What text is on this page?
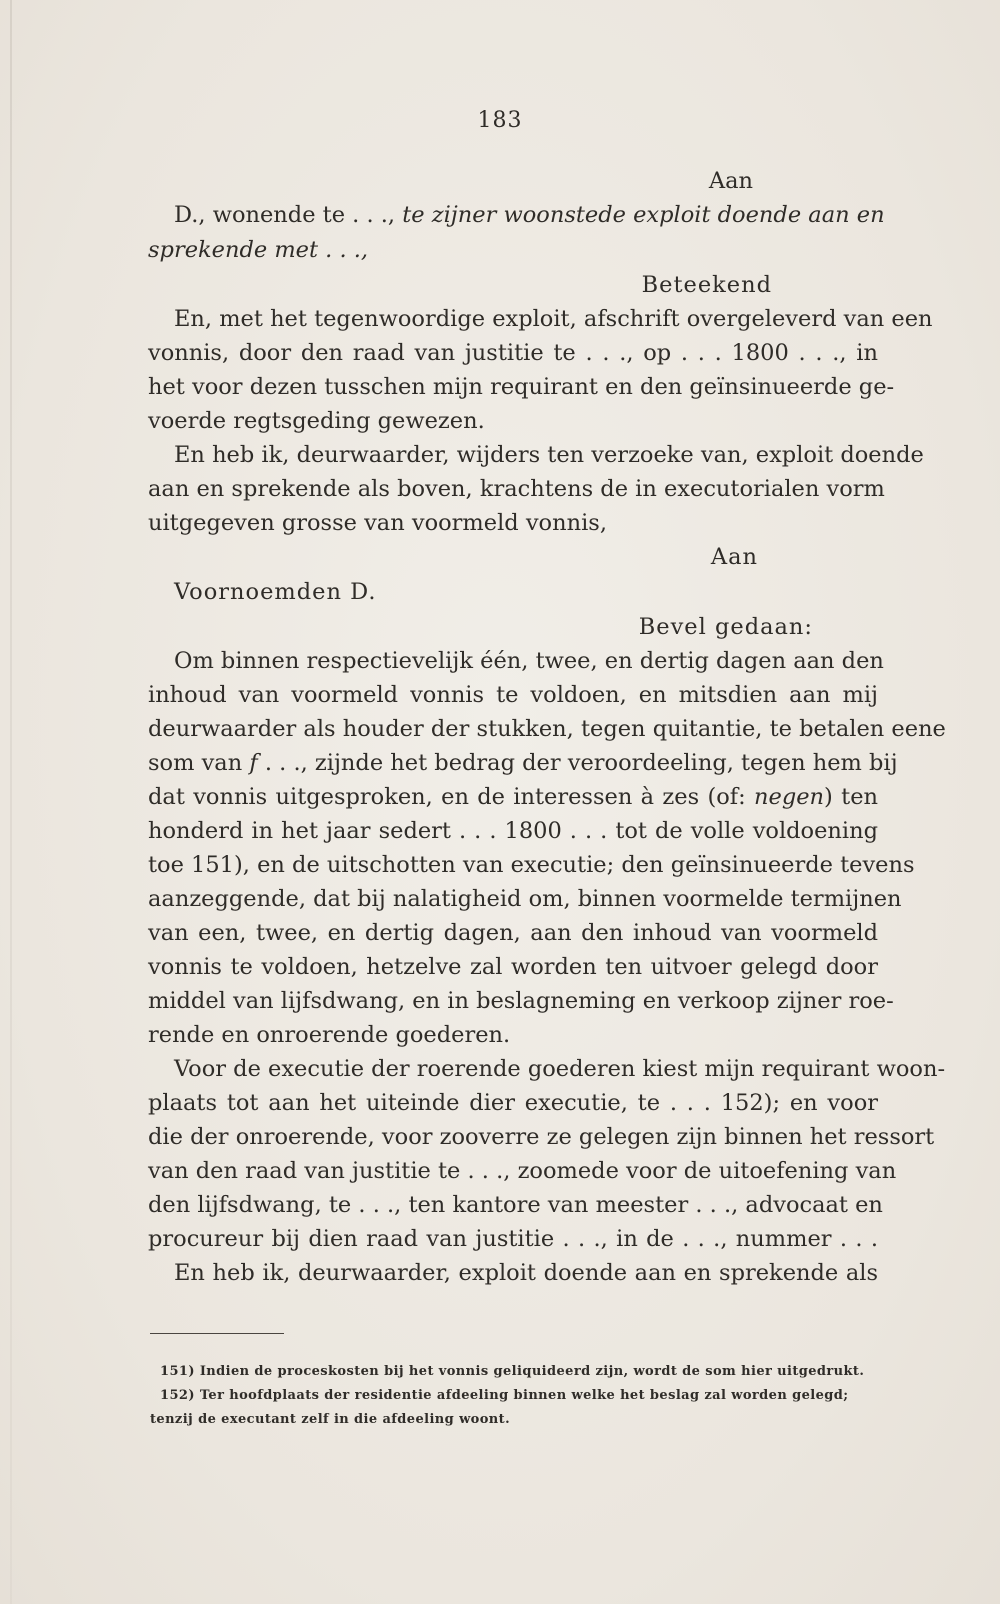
183
Aan
D., wonende te . . ., te zijner woonstede exploit doende aan en
sprekende met . . .,
Beteekend
En, met het tegenwoordige exploit, afschrift overgeleverd van een
vonnis, door den raad van justitie te . . ., op . . . 1800 . . ., in
het voor dezen tusschen mijn requirant en den geïnsinueerde ge-
voerde regtsgeding gewezen.
En heb ik, deurwaarder, wijders ten verzoeke van, exploit doende
aan en sprekende als boven, krachtens de in executorialen vorm
uitgegeven grosse van voormeld vonnis,
Aan
Voornoemden D.
Bevel gedaan:
Om binnen respectievelijk één, twee, en dertig dagen aan den
inhoud van voormeld vonnis te voldoen, en mitsdien aan mij
deurwaarder als houder der stukken, tegen quitantie, te betalen eene
som van f . . ., zijnde het bedrag der veroordeeling, tegen hem bij
dat vonnis uitgesproken, en de interessen à zes (of: negen) ten
honderd in het jaar sedert . . . 1800 . . . tot de volle voldoening
toe 151), en de uitschotten van executie; den geïnsinueerde tevens
aanzeggende, dat bij nalatigheid om, binnen voormelde termijnen
van een, twee, en dertig dagen, aan den inhoud van voormeld
vonnis te voldoen, hetzelve zal worden ten uitvoer gelegd door
middel van lijfsdwang, en in beslagneming en verkoop zijner roe-
rende en onroerende goederen.
Voor de executie der roerende goederen kiest mijn requirant woon-
plaats tot aan het uiteinde dier executie, te . . . 152); en voor
die der onroerende, voor zooverre ze gelegen zijn binnen het ressort
van den raad van justitie te . . ., zoomede voor de uitoefening van
den lijfsdwang, te . . ., ten kantore van meester . . ., advocaat en
procureur bij dien raad van justitie . . ., in de . . ., nummer . . .
En heb ik, deurwaarder, exploit doende aan en sprekende als
151) Indien de proceskosten bij het vonnis geliquideerd zijn, wordt de som hier uitgedrukt.
152) Ter hoofdplaats der residentie afdeeling binnen welke het beslag zal worden gelegd;
tenzij de executant zelf in die afdeeling woont.
